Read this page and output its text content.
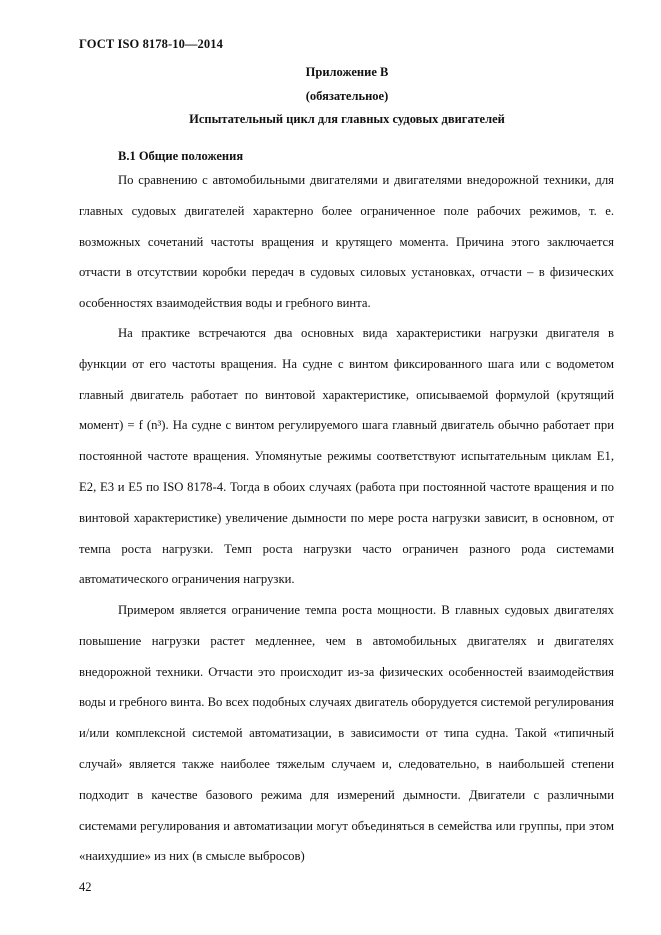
ГОСТ ISO 8178-10—2014
Приложение В
(обязательное)
Испытательный цикл для главных судовых двигателей
В.1 Общие положения

По сравнению с автомобильными двигателями и двигателями внедорожной техники, для главных судовых двигателей характерно более ограниченное поле рабочих режимов, т. е. возможных сочетаний частоты вращения и крутящего момента. Причина этого заключается отчасти в отсутствии коробки передач в судовых силовых установках, отчасти – в физических особенностях взаимодействия воды и гребного винта.

На практике встречаются два основных вида характеристики нагрузки двигателя в функции от его частоты вращения. На судне с винтом фиксированного шага или с водометом главный двигатель работает по винтовой характеристике, описываемой формулой (крутящий момент) = f (n³). На судне с винтом регулируемого шага главный двигатель обычно работает при постоянной частоте вращения. Упомянутые режимы соответствуют испытательным циклам Е1, Е2, Е3 и Е5 по ISO 8178-4. Тогда в обоих случаях (работа при постоянной частоте вращения и по винтовой характеристике) увеличение дымности по мере роста нагрузки зависит, в основном, от темпа роста нагрузки. Темп роста нагрузки часто ограничен разного рода системами автоматического ограничения нагрузки.

Примером является ограничение темпа роста мощности. В главных судовых двигателях повышение нагрузки растет медленнее, чем в автомобильных двигателях и двигателях внедорожной техники. Отчасти это происходит из-за физических особенностей взаимодействия воды и гребного винта. Во всех подобных случаях двигатель оборудуется системой регулирования и/или комплексной системой автоматизации, в зависимости от типа судна. Такой «типичный случай» является также наиболее тяжелым случаем и, следовательно, в наибольшей степени подходит в качестве базового режима для измерений дымности. Двигатели с различными системами регулирования и автоматизации могут объединяться в семейства или группы, при этом «наихудшие» из них (в смысле выбросов)

42
